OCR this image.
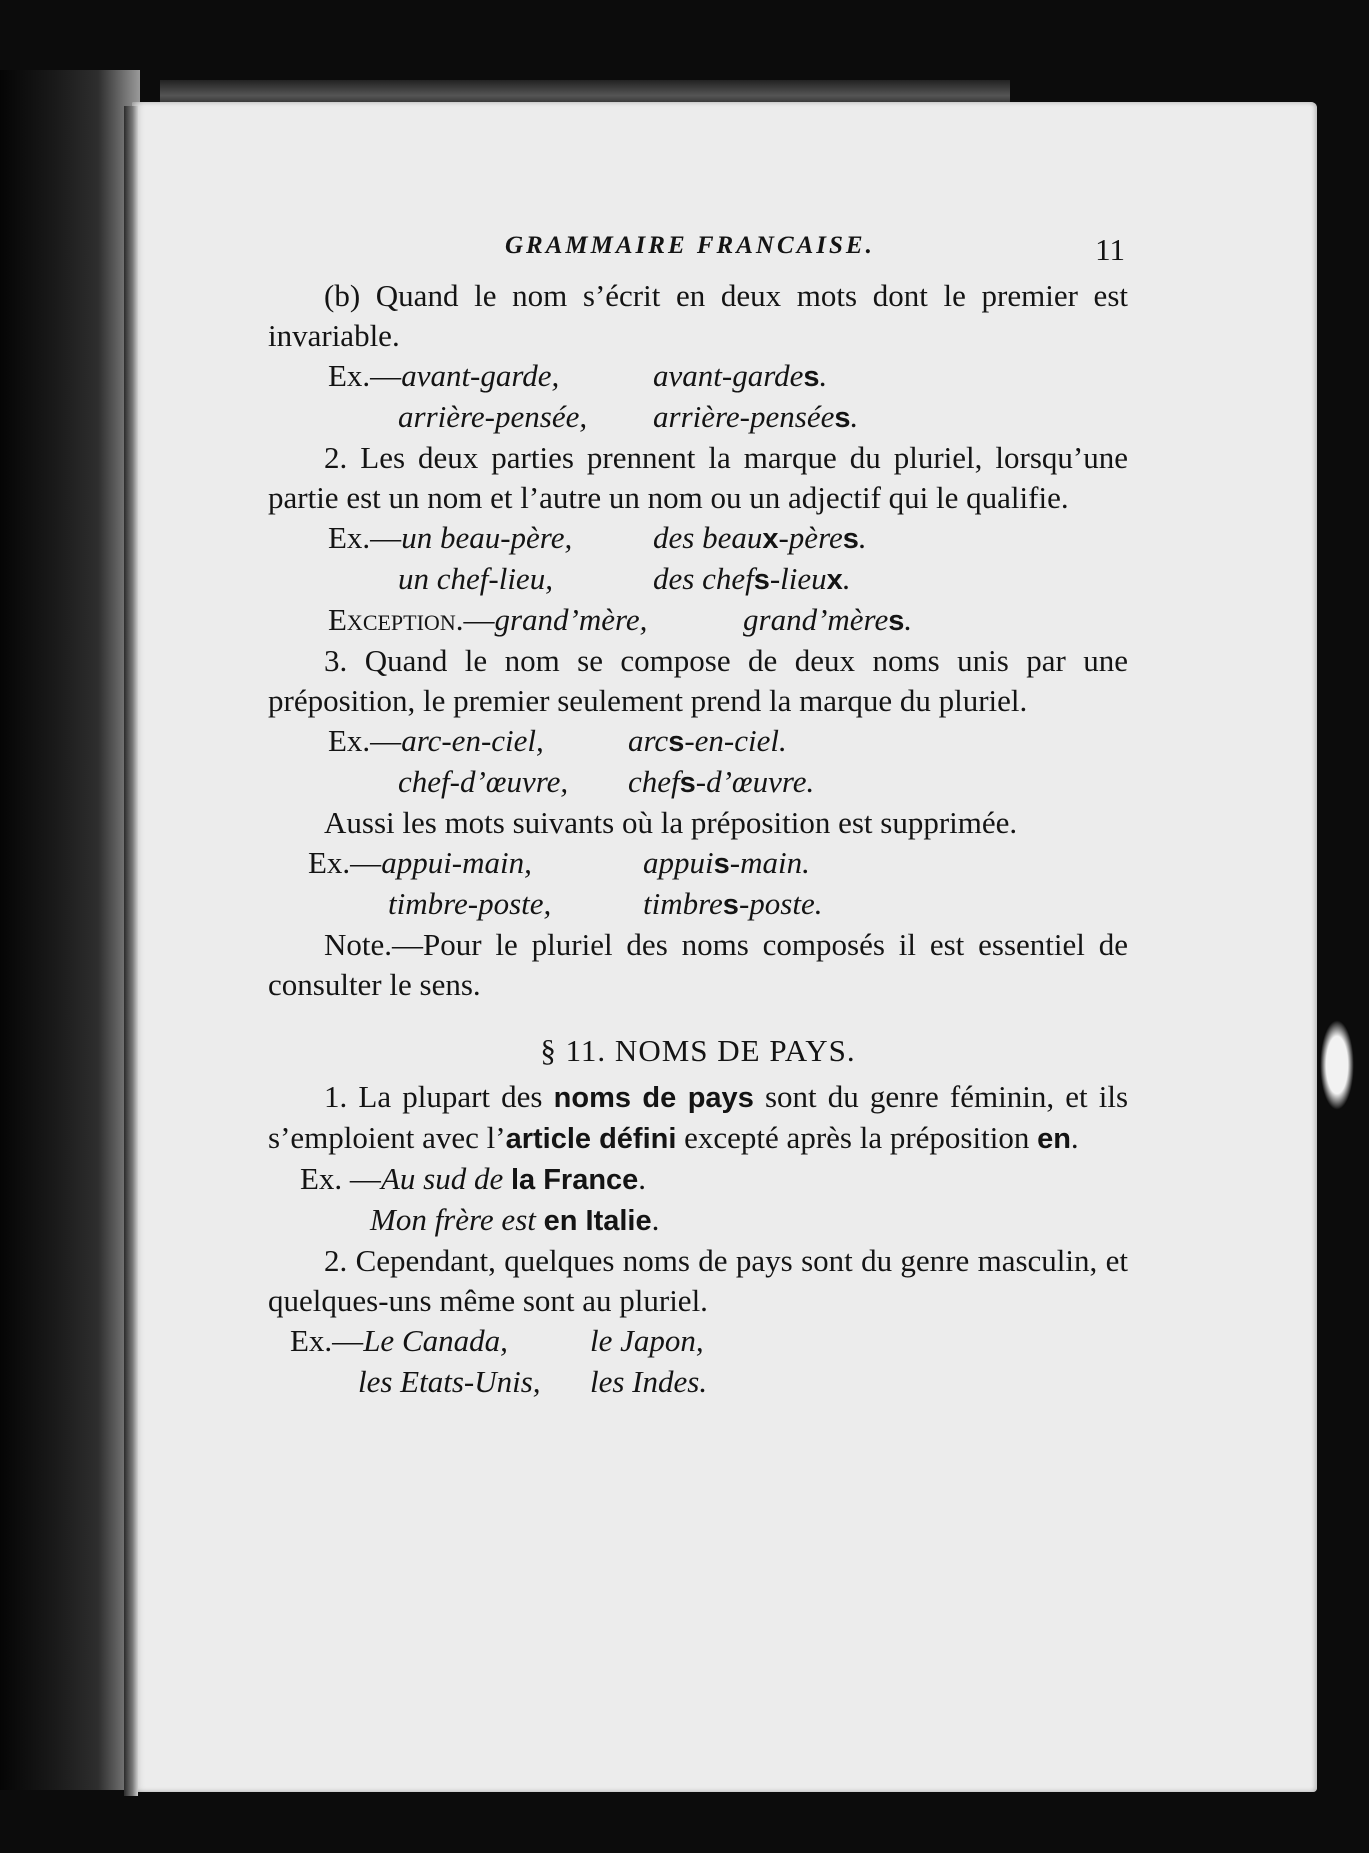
GRAMMAIRE FRANCAISE.	11

(b) Quand le nom s’écrit en deux mots dont le premier est invariable.

Ex.—avant-garde,	avant-gardes.
arrière-pensée,	arrière-pensées.

2. Les deux parties prennent la marque du pluriel, lorsqu’une partie est un nom et l’autre un nom ou un adjectif qui le qualifie.

Ex.—un beau-père,	des beaux-pères.
un chef-lieu,	des chefs-lieux.
Exception.—grand’mère,	grand’mères.

3. Quand le nom se compose de deux noms unis par une préposition, le premier seulement prend la marque du pluriel.

Ex.—arc-en-ciel,	arcs-en-ciel.
chef-d’œuvre,	chefs-d’œuvre.

Aussi les mots suivants où la préposition est supprimée.

Ex.—appui-main,	appuis-main.
timbre-poste,	timbres-poste.

Note.—Pour le pluriel des noms composés il est essentiel de consulter le sens.

§ 11. NOMS DE PAYS.

1. La plupart des noms de pays sont du genre féminin, et ils s’emploient avec l’article défini excepté après la préposition en.

Ex. —Au sud de la France.
Mon frère est en Italie.

2. Cependant, quelques noms de pays sont du genre masculin, et quelques-uns même sont au pluriel.

Ex.—Le Canada,	le Japon,
les Etats-Unis,	les Indes.
